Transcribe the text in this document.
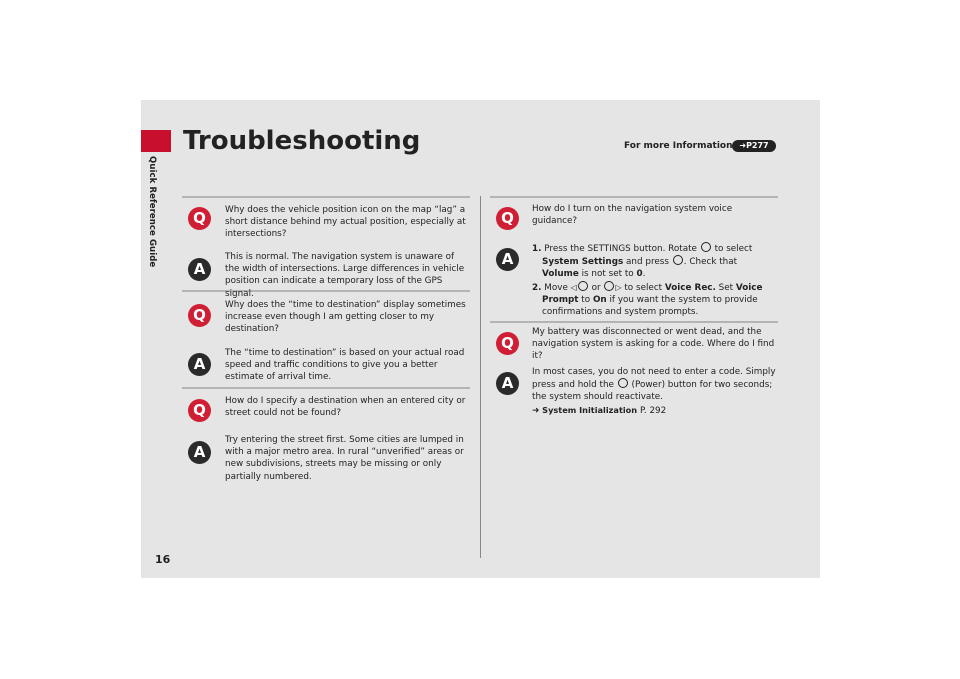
Quick Reference Guide
Troubleshooting	For more Information ➜P277
Q	Why does the vehicle position icon on the map “lag” a short distance behind my actual position, especially at intersections?
A
This is normal. The navigation system is unaware of the width of intersections. Large differences in vehicle position can indicate a temporary loss of the GPS signal.
Q
Why does the “time to destination” display sometimes increase even though I am getting closer to my destination?
A
The “time to destination” is based on your actual road speed and traffic conditions to give you a better estimate of arrival time.
Q	How do I specify a destination when an entered city or street could not be found?
A
Try entering the street first. Some cities are lumped in with a major metro area. In rural “unverified” areas or new subdivisions, streets may be missing or only partially numbered.
Q	How do I turn on the navigation system voice guidance?
A
1. Press the SETTINGS button. Rotate to select System Settings and press . Check that Volume is not set to 0.
2. Move ◁ or ▷ to select Voice Rec. Set Voice Prompt to On if you want the system to provide confirmations and system prompts.
Q
My battery was disconnected or went dead, and the navigation system is asking for a code. Where do I find it?
A
In most cases, you do not need to enter a code. Simply press and hold the (Power) button for two seconds; the system should reactivate.
➜ System Initialization P. 292
16
